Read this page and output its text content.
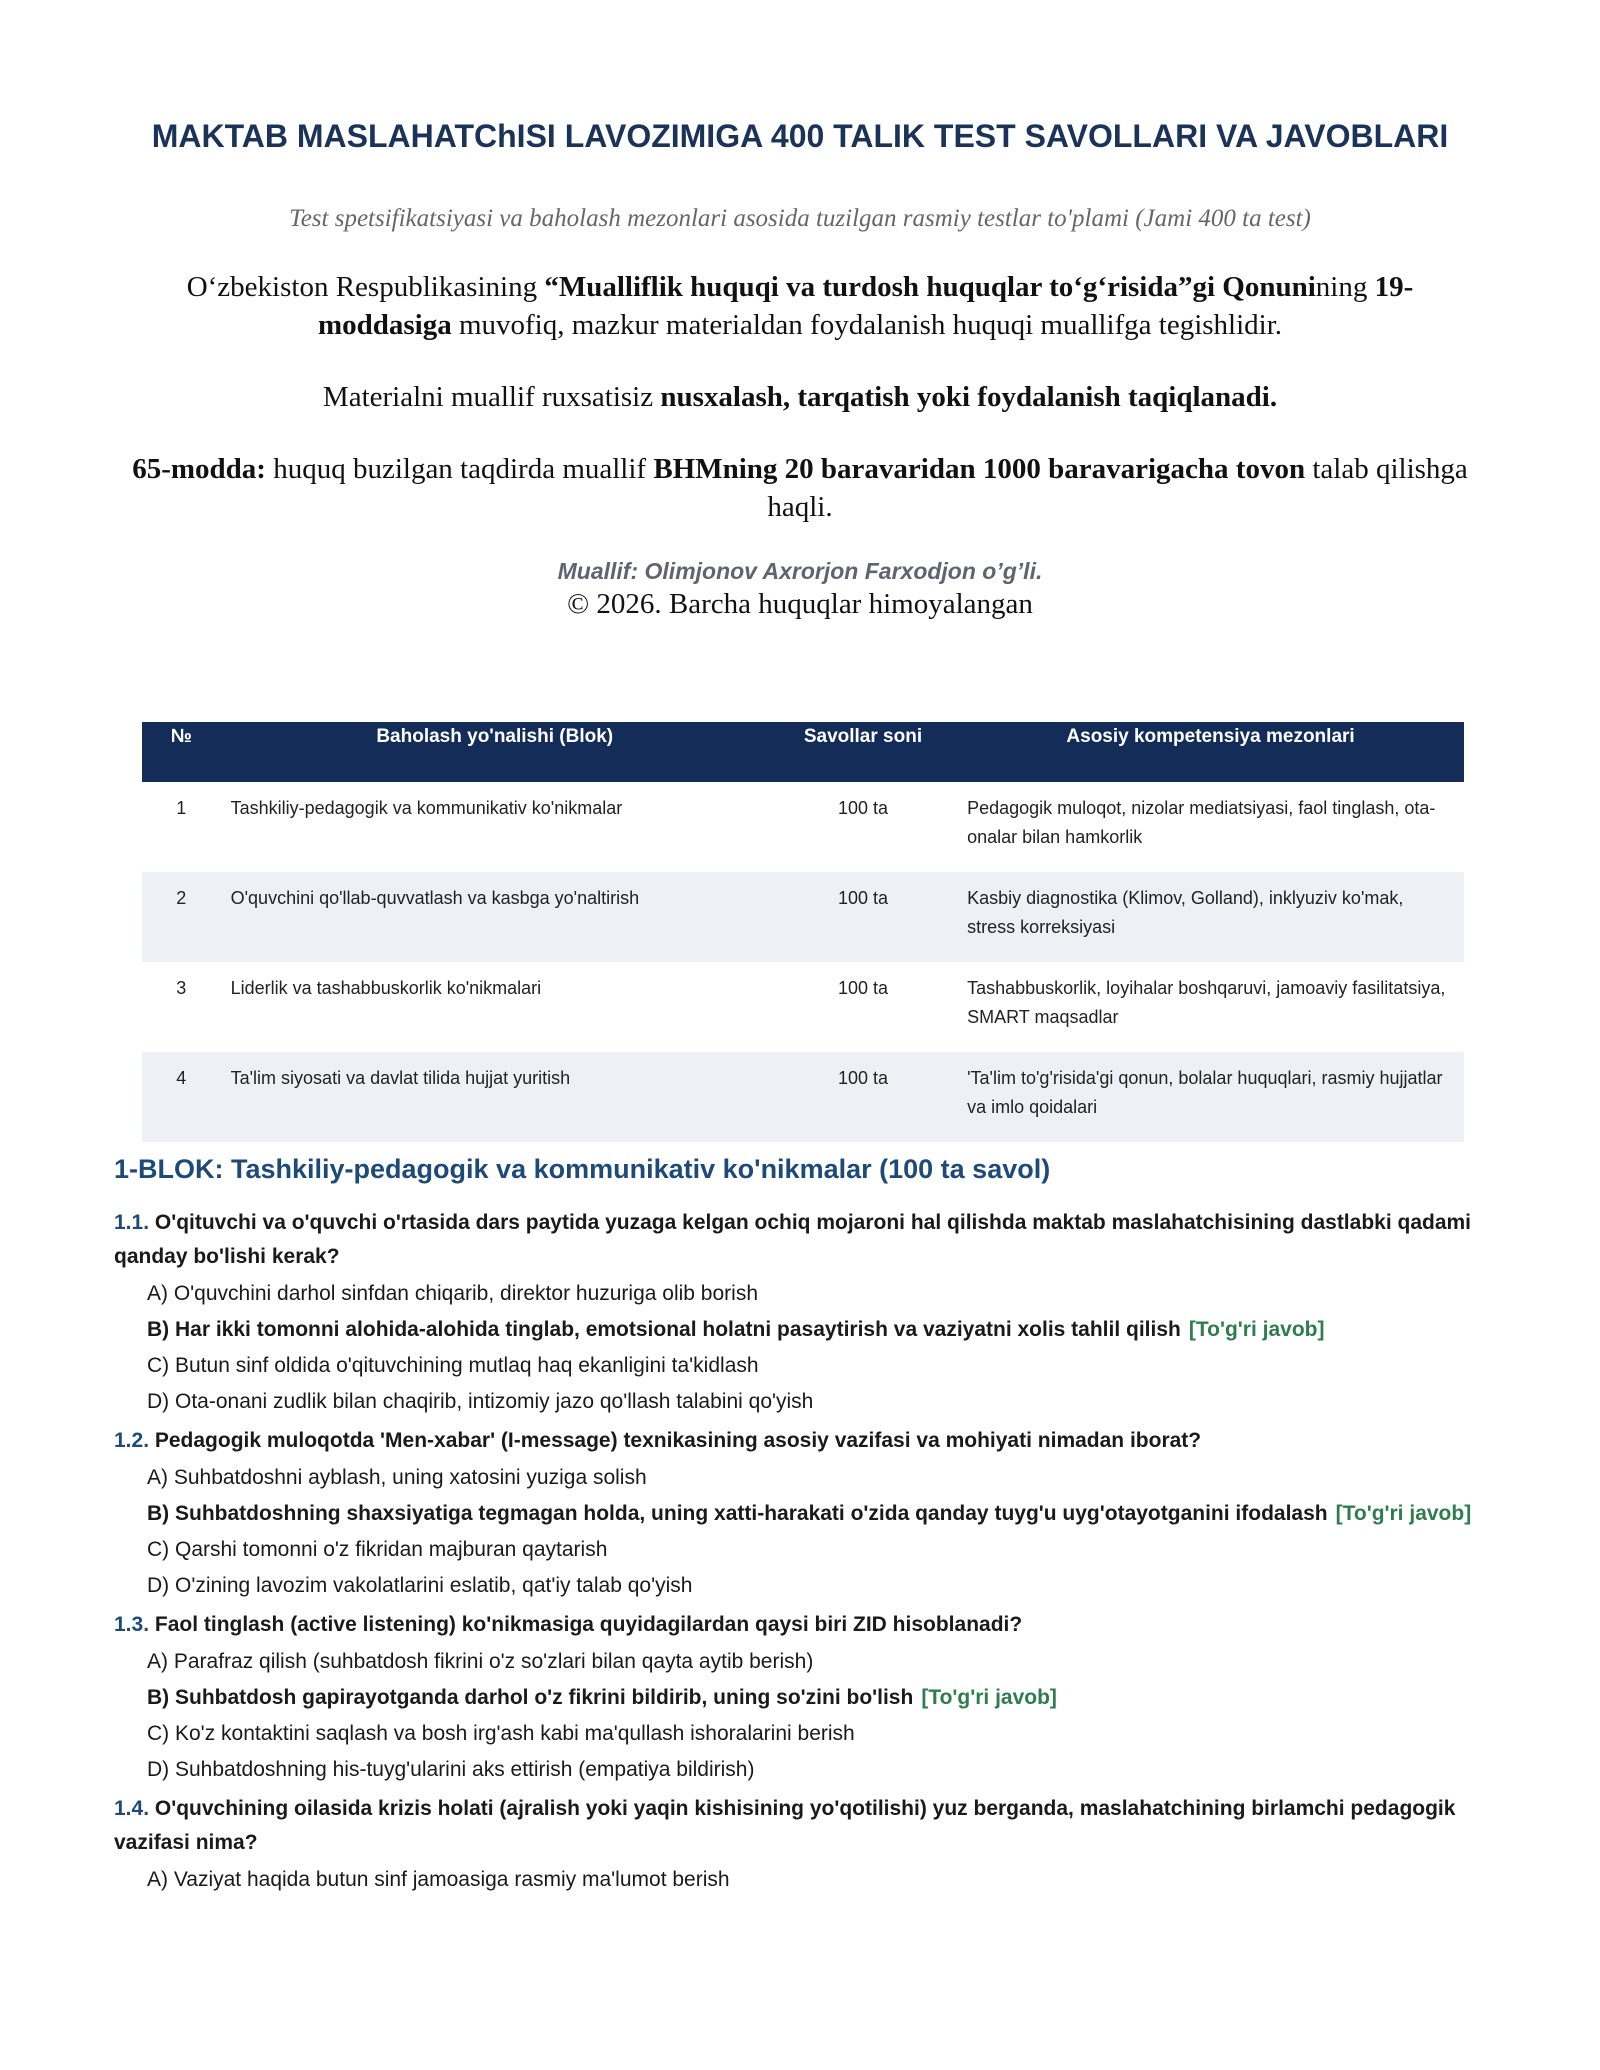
MAKTAB MASLAHATChISI LAVOZIMIGA 400 TALIK TEST SAVOLLARI VA JAVOBLARI
Test spetsifikatsiyasi va baholash mezonlari asosida tuzilgan rasmiy testlar to'plami (Jami 400 ta test)
O‘zbekiston Respublikasining “Mualliflik huquqi va turdosh huquqlar to‘g‘risida”gi Qonunining 19-moddasiga muvofiq, mazkur materialdan foydalanish huquqi muallifga tegishlidir.
Materialni muallif ruxsatisiz nusxalash, tarqatish yoki foydalanish taqiqlanadi.
65-modda: huquq buzilgan taqdirda muallif BHMning 20 baravaridan 1000 baravarigacha tovon talab qilishga haqli.
Muallif: Olimjonov Axrorjon Farxodjon o’g’li.
© 2026. Barcha huquqlar himoyalangan
№	Baholash yo'nalishi (Blok)	Savollar soni	Asosiy kompetensiya mezonlari
1	Tashkiliy-pedagogik va kommunikativ ko'nikmalar	100 ta	Pedagogik muloqot, nizolar mediatsiyasi, faol tinglash, ota-onalar bilan hamkorlik
2	O'quvchini qo'llab-quvvatlash va kasbga yo'naltirish	100 ta	Kasbiy diagnostika (Klimov, Golland), inklyuziv ko'mak, stress korreksiyasi
3	Liderlik va tashabbuskorlik ko'nikmalari	100 ta	Tashabbuskorlik, loyihalar boshqaruvi, jamoaviy fasilitatsiya, SMART maqsadlar
4	Ta'lim siyosati va davlat tilida hujjat yuritish	100 ta	'Ta'lim to'g'risida'gi qonun, bolalar huquqlari, rasmiy hujjatlar va imlo qoidalari
1-BLOK: Tashkiliy-pedagogik va kommunikativ ko'nikmalar (100 ta savol)

1.1. O'qituvchi va o'quvchi o'rtasida dars paytida yuzaga kelgan ochiq mojaroni hal qilishda maktab maslahatchisining dastlabki qadami qanday bo'lishi kerak?

A) O'quvchini darhol sinfdan chiqarib, direktor huzuriga olib borish
B) Har ikki tomonni alohida-alohida tinglab, emotsional holatni pasaytirish va vaziyatni xolis tahlil qilish [To'g'ri javob]
C) Butun sinf oldida o'qituvchining mutlaq haq ekanligini ta'kidlash
D) Ota-onani zudlik bilan chaqirib, intizomiy jazo qo'llash talabini qo'yish

1.2. Pedagogik muloqotda 'Men-xabar' (I-message) texnikasining asosiy vazifasi va mohiyati nimadan iborat?

A) Suhbatdoshni ayblash, uning xatosini yuziga solish
B) Suhbatdoshning shaxsiyatiga tegmagan holda, uning xatti-harakati o'zida qanday tuyg'u uyg'otayotganini ifodalash [To'g'ri javob]
C) Qarshi tomonni o'z fikridan majburan qaytarish
D) O'zining lavozim vakolatlarini eslatib, qat'iy talab qo'yish

1.3. Faol tinglash (active listening) ko'nikmasiga quyidagilardan qaysi biri ZID hisoblanadi?

A) Parafraz qilish (suhbatdosh fikrini o'z so'zlari bilan qayta aytib berish)
B) Suhbatdosh gapirayotganda darhol o'z fikrini bildirib, uning so'zini bo'lish [To'g'ri javob]
C) Ko'z kontaktini saqlash va bosh irg'ash kabi ma'qullash ishoralarini berish
D) Suhbatdoshning his-tuyg'ularini aks ettirish (empatiya bildirish)

1.4. O'quvchining oilasida krizis holati (ajralish yoki yaqin kishisining yo'qotilishi) yuz berganda, maslahatchining birlamchi pedagogik vazifasi nima?

A) Vaziyat haqida butun sinf jamoasiga rasmiy ma'lumot berish
